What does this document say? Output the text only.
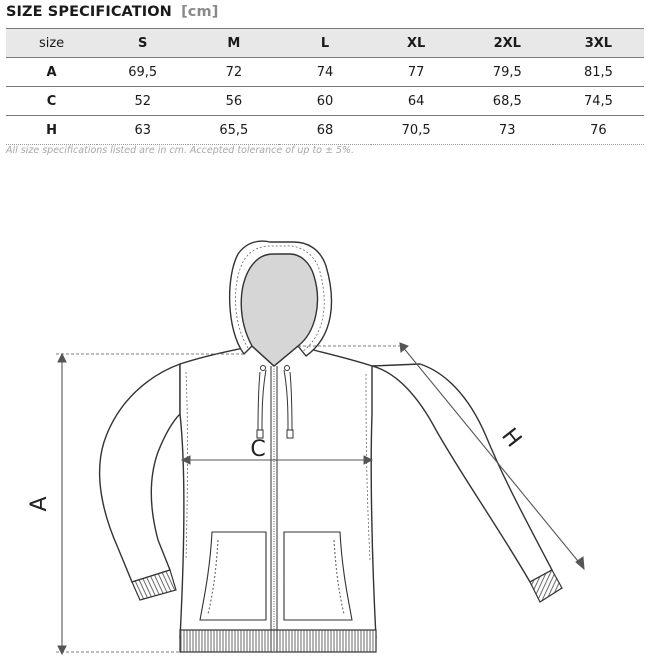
SIZE SPECIFICATION [cm]
size	S	M	L	XL	2XL	3XL
A	69,5	72	74	77	79,5	81,5
C	52	56	60	64	68,5	74,5
H	63	65,5	68	70,5	73	76
All size specifications listed are in cm. Accepted tolerance of up to ± 5%.
A
C	H
